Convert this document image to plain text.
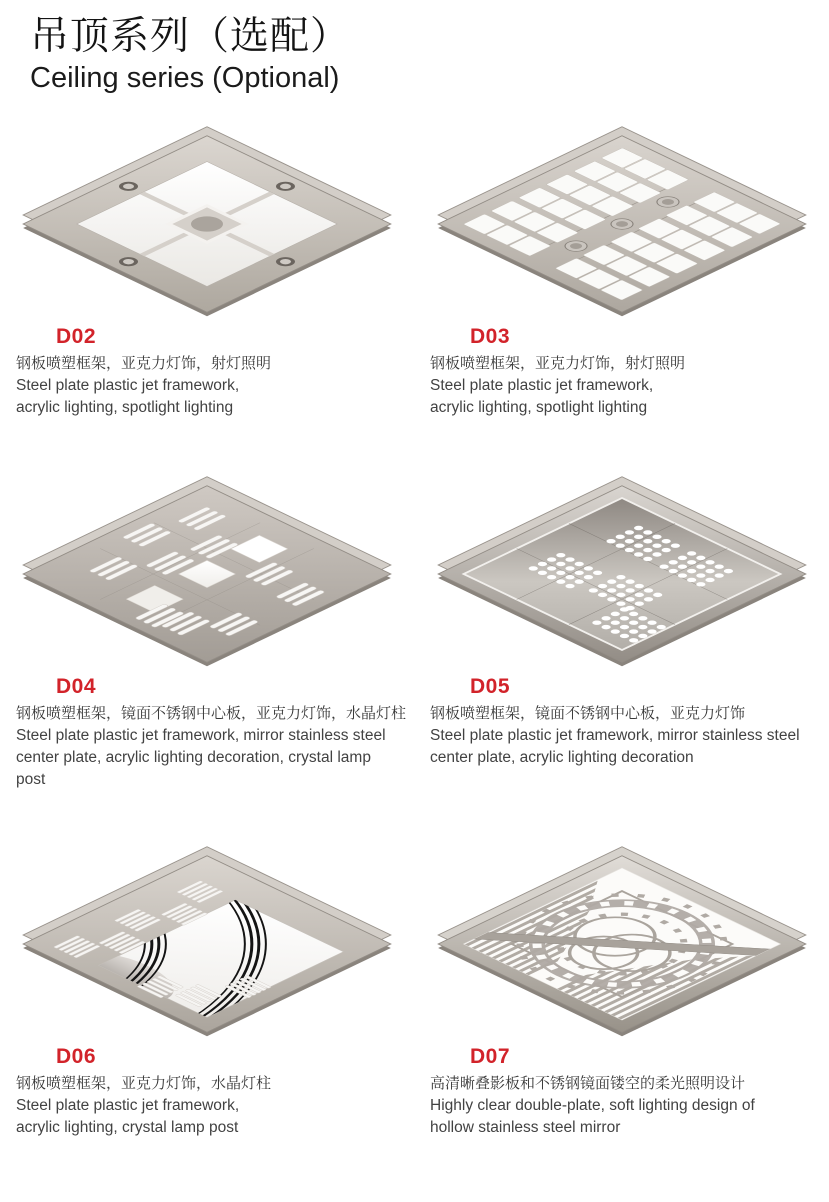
吊顶系列（选配）
Ceiling series (Optional)
D02
钢板喷塑框架，亚克力灯饰，射灯照明
Steel plate plastic jet framework,
acrylic lighting, spotlight lighting
D03
钢板喷塑框架，亚克力灯饰，射灯照明
Steel plate plastic jet framework,
acrylic lighting, spotlight lighting
D04
钢板喷塑框架，镜面不锈钢中心板，亚克力灯饰，水晶灯柱
Steel plate plastic jet framework, mirror stainless steel
center plate, acrylic lighting decoration, crystal lamp post
D05
钢板喷塑框架，镜面不锈钢中心板，亚克力灯饰
Steel plate plastic jet framework, mirror stainless steel
center plate, acrylic lighting decoration
D06
钢板喷塑框架，亚克力灯饰，水晶灯柱
Steel plate plastic jet framework,
acrylic lighting, crystal lamp post
D07
高清晰叠影板和不锈钢镜面镂空的柔光照明设计
Highly clear double-plate, soft lighting design of
hollow stainless steel mirror
